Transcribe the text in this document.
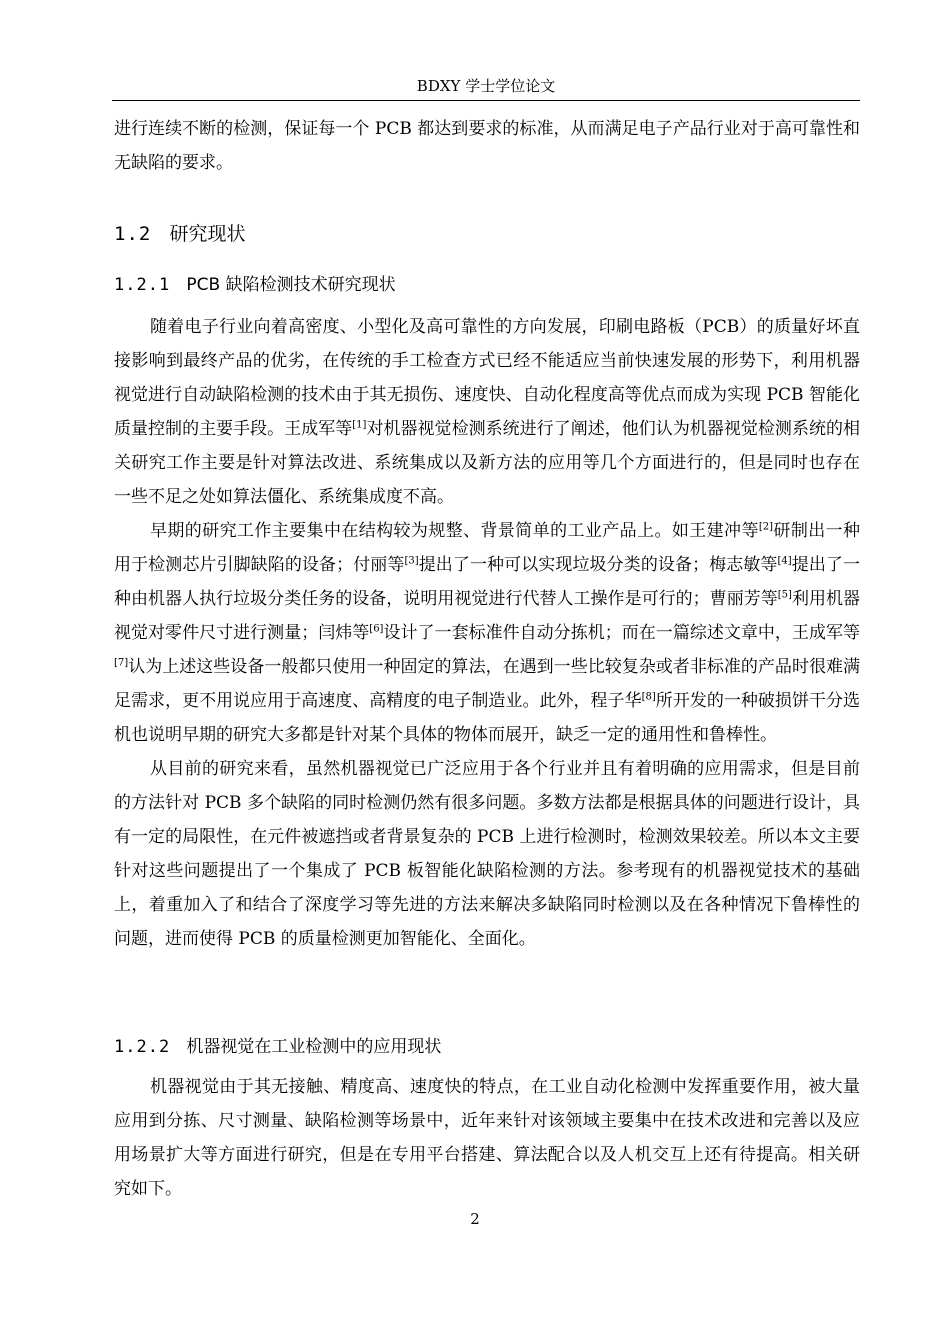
BDXY 学士学位论文

进行连续不断的检测，保证每一个 PCB 都达到要求的标准，从而满足电子产品行业对于高可靠性和无缺陷的要求。

1.2 研究现状
1.2.1 PCB 缺陷检测技术研究现状

随着电子行业向着高密度、小型化及高可靠性的方向发展，印刷电路板（PCB）的质量好坏直接影响到最终产品的优劣，在传统的手工检查方式已经不能适应当前快速发展的形势下，利用机器视觉进行自动缺陷检测的技术由于其无损伤、速度快、自动化程度高等优点而成为实现 PCB 智能化质量控制的主要手段。王成军等[1]对机器视觉检测系统进行了阐述，他们认为机器视觉检测系统的相关研究工作主要是针对算法改进、系统集成以及新方法的应用等几个方面进行的，但是同时也存在一些不足之处如算法僵化、系统集成度不高。

早期的研究工作主要集中在结构较为规整、背景简单的工业产品上。如王建冲等[2]研制出一种用于检测芯片引脚缺陷的设备；付丽等[3]提出了一种可以实现垃圾分类的设备；梅志敏等[4]提出了一种由机器人执行垃圾分类任务的设备，说明用视觉进行代替人工操作是可行的；曹丽芳等[5]利用机器视觉对零件尺寸进行测量；闫炜等[6]设计了一套标准件自动分拣机；而在一篇综述文章中，王成军等[7]认为上述这些设备一般都只使用一种固定的算法，在遇到一些比较复杂或者非标准的产品时很难满足需求，更不用说应用于高速度、高精度的电子制造业。此外，程子华[8]所开发的一种破损饼干分选机也说明早期的研究大多都是针对某个具体的物体而展开，缺乏一定的通用性和鲁棒性。

从目前的研究来看，虽然机器视觉已广泛应用于各个行业并且有着明确的应用需求，但是目前的方法针对 PCB 多个缺陷的同时检测仍然有很多问题。多数方法都是根据具体的问题进行设计，具有一定的局限性，在元件被遮挡或者背景复杂的 PCB 上进行检测时，检测效果较差。所以本文主要针对这些问题提出了一个集成了 PCB 板智能化缺陷检测的方法。参考现有的机器视觉技术的基础上，着重加入了和结合了深度学习等先进的方法来解决多缺陷同时检测以及在各种情况下鲁棒性的问题，进而使得 PCB 的质量检测更加智能化、全面化。

1.2.2 机器视觉在工业检测中的应用现状

机器视觉由于其无接触、精度高、速度快的特点，在工业自动化检测中发挥重要作用，被大量应用到分拣、尺寸测量、缺陷检测等场景中，近年来针对该领域主要集中在技术改进和完善以及应用场景扩大等方面进行研究，但是在专用平台搭建、算法配合以及人机交互上还有待提高。相关研究如下。

2
